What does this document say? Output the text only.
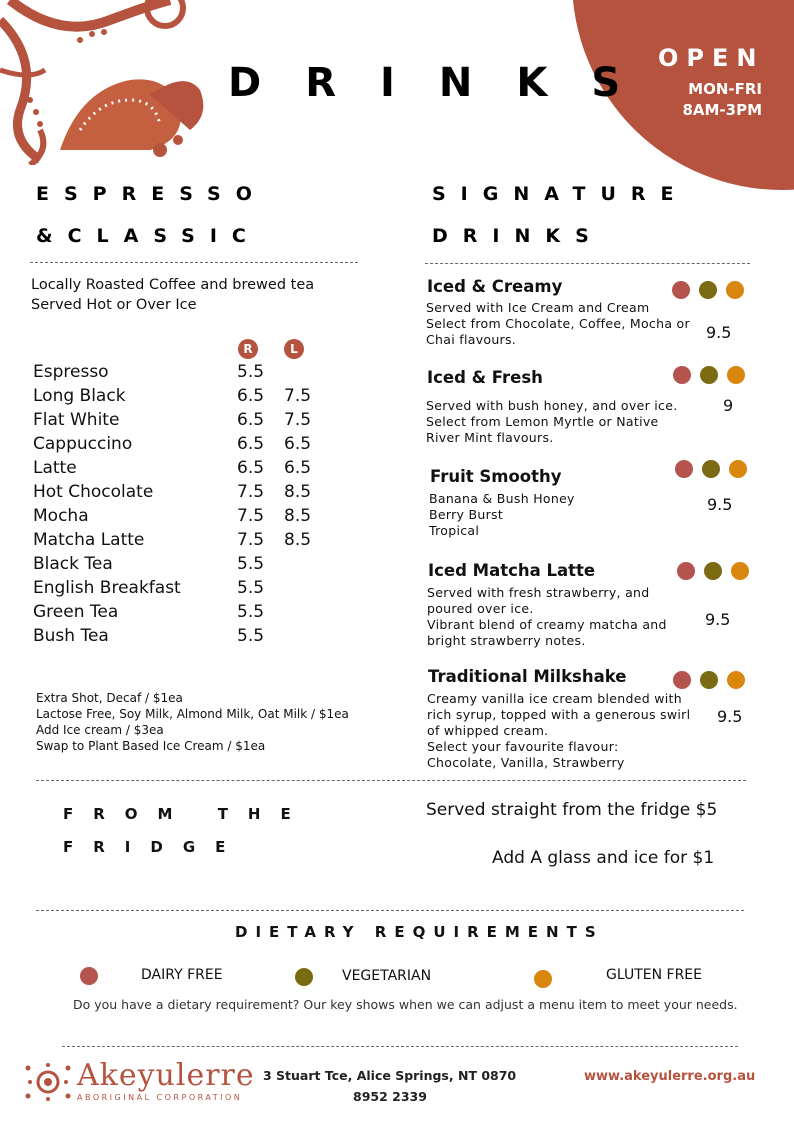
OPEN
MON-FRI
8AM-3PM
DRINKS
ESPRESSO
&CLASSIC
Locally Roasted Coffee and brewed tea
Served Hot or Over Ice
R	L
Espresso	5.5
Long Black	6.5 7.5
Flat White	6.5 7.5
Cappuccino	6.5 6.5
Latte	6.5 6.5
Hot Chocolate	7.5 8.5
Mocha	7.5 8.5
Matcha Latte	7.5 8.5
Black Tea	5.5
English Breakfast	5.5
Green Tea	5.5
Bush Tea	5.5
Extra Shot, Decaf / $1ea
Lactose Free, Soy Milk, Almond Milk, Oat Milk / $1ea
Add Ice cream / $3ea
Swap to Plant Based Ice Cream / $1ea
SIGNATURE
DRINKS
Iced & Creamy
Served with Ice Cream and Cream
Select from Chocolate, Coffee, Mocha or
Chai flavours.	9.5
Iced & Fresh
Served with bush honey, and over ice.
Select from Lemon Myrtle or Native
River Mint flavours.
9
Fruit Smoothy
Banana & Bush Honey
Berry Burst
Tropical
9.5
Iced Matcha Latte
Served with fresh strawberry, and
poured over ice.
Vibrant blend of creamy matcha and
bright strawberry notes.
9.5
Traditional Milkshake
Creamy vanilla ice cream blended with
rich syrup, topped with a generous swirl
of whipped cream.
Select your favourite flavour:
Chocolate, Vanilla, Strawberry
9.5
FROM THE
FRIDGE
Served straight from the fridge $5
Add A glass and ice for $1
DIETARY REQUIREMENTS
DAIRY FREE	VEGETARIAN	GLUTEN FREE
Do you have a dietary requirement? Our key shows when we can adjust a menu item to meet your needs.
Akeyulerre
ABORIGINAL CORPORATION
3 Stuart Tce, Alice Springs, NT 0870
8952 2339
www.akeyulerre.org.au
